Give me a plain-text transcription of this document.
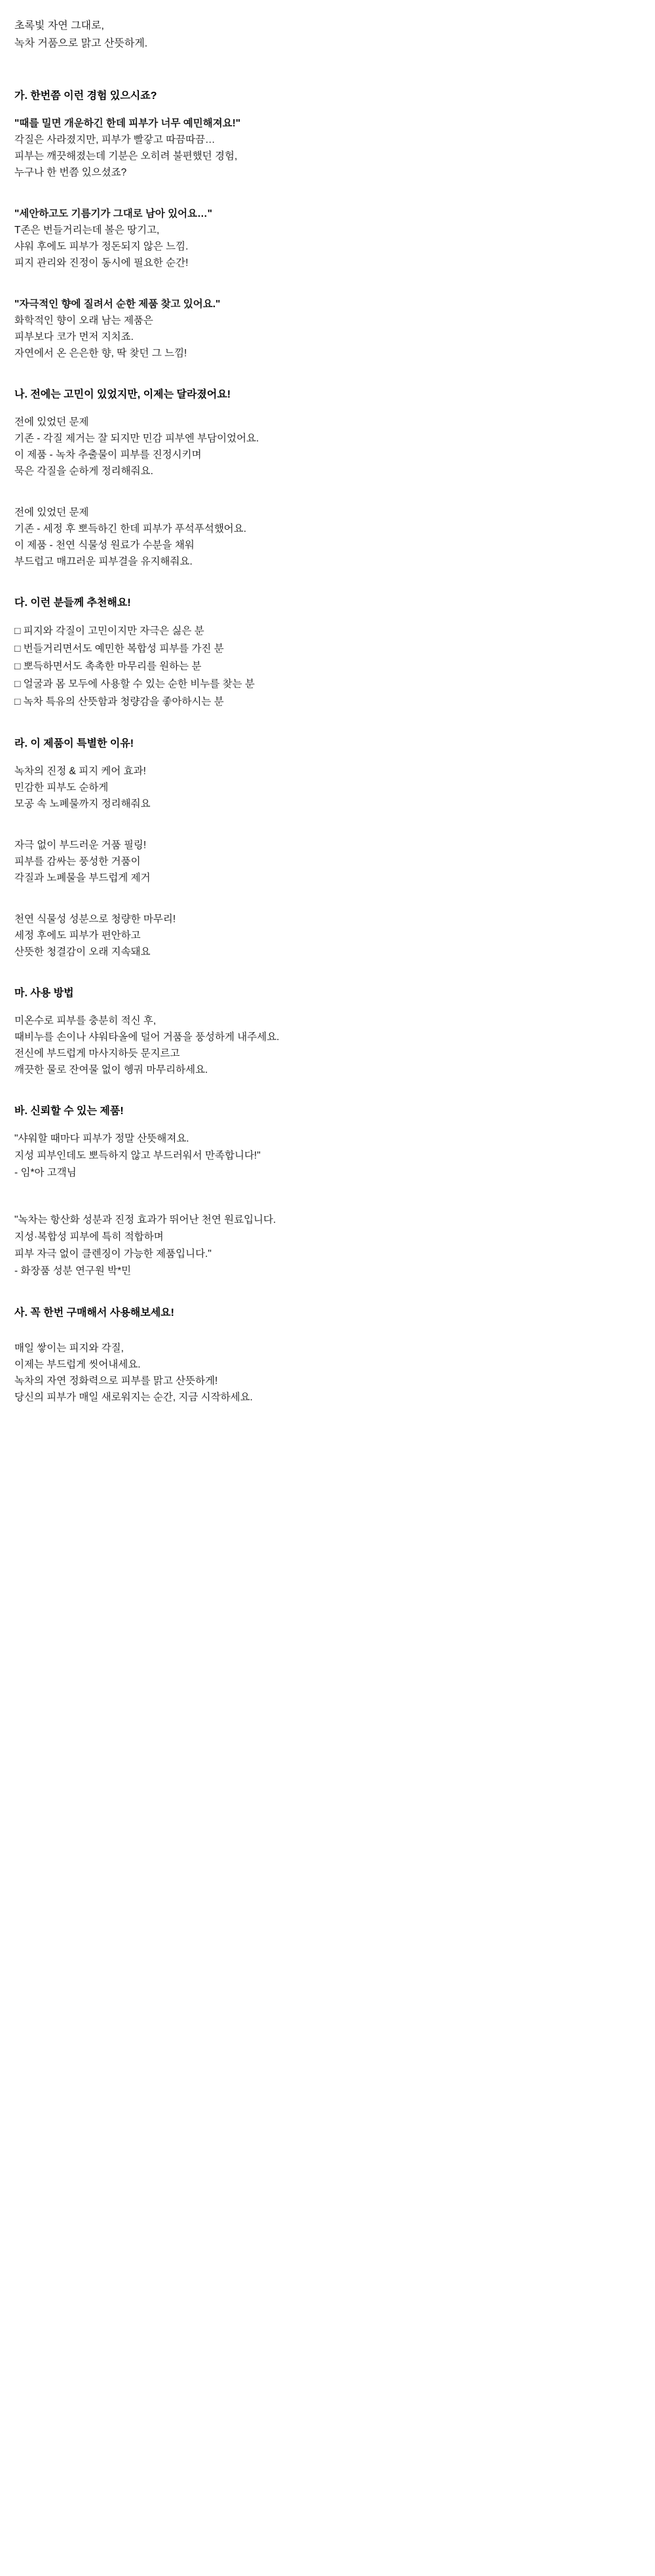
초록빛 자연 그대로,
녹차 거품으로 맑고 산뜻하게.
가. 한번쯤 이런 경험 있으시죠?
"때를 밀면 개운하긴 한데 피부가 너무 예민해져요!"
각질은 사라졌지만, 피부가 빨갛고 따끔따끔…
피부는 깨끗해졌는데 기분은 오히려 불편했던 경험,
누구나 한 번쯤 있으셨죠?
"세안하고도 기름기가 그대로 남아 있어요…"
T존은 번들거리는데 볼은 땅기고,
샤워 후에도 피부가 정돈되지 않은 느낌.
피지 관리와 진정이 동시에 필요한 순간!
"자극적인 향에 질려서 순한 제품 찾고 있어요."
화학적인 향이 오래 남는 제품은
피부보다 코가 먼저 지치죠.
자연에서 온 은은한 향, 딱 찾던 그 느낌!
나. 전에는 고민이 있었지만, 이제는 달라졌어요!
전에 있었던 문제
기존 - 각질 제거는 잘 되지만 민감 피부엔 부담이었어요.
이 제품 - 녹차 추출물이 피부를 진정시키며
묵은 각질을 순하게 정리해줘요.
전에 있었던 문제
기존 - 세정 후 뽀득하긴 한데 피부가 푸석푸석했어요.
이 제품 - 천연 식물성 원료가 수분을 채워
부드럽고 매끄러운 피부결을 유지해줘요.
다. 이런 분들께 추천해요!
□ 피지와 각질이 고민이지만 자극은 싫은 분
□ 번들거리면서도 예민한 복합성 피부를 가진 분
□ 뽀득하면서도 촉촉한 마무리를 원하는 분
□ 얼굴과 몸 모두에 사용할 수 있는 순한 비누를 찾는 분
□ 녹차 특유의 산뜻함과 청량감을 좋아하시는 분
라. 이 제품이 특별한 이유!
녹차의 진정 & 피지 케어 효과!
민감한 피부도 순하게
모공 속 노폐물까지 정리해줘요
자극 없이 부드러운 거품 필링!
피부를 감싸는 풍성한 거품이
각질과 노폐물을 부드럽게 제거
천연 식물성 성분으로 청량한 마무리!
세정 후에도 피부가 편안하고
산뜻한 청결감이 오래 지속돼요
마. 사용 방법
미온수로 피부를 충분히 적신 후,
때비누를 손이나 샤워타올에 덜어 거품을 풍성하게 내주세요.
전신에 부드럽게 마사지하듯 문지르고
깨끗한 물로 잔여물 없이 헹궈 마무리하세요.
바. 신뢰할 수 있는 제품!
"샤워할 때마다 피부가 정말 산뜻해져요.
지성 피부인데도 뽀득하지 않고 부드러워서 만족합니다!"
- 임*아 고객님
"녹차는 항산화 성분과 진정 효과가 뛰어난 천연 원료입니다.
지성·복합성 피부에 특히 적합하며
피부 자극 없이 클렌징이 가능한 제품입니다."
- 화장품 성분 연구원 박*민
사. 꼭 한번 구매해서 사용해보세요!
매일 쌓이는 피지와 각질,
이제는 부드럽게 씻어내세요.
녹차의 자연 정화력으로 피부를 맑고 산뜻하게!
당신의 피부가 매일 새로워지는 순간, 지금 시작하세요.
